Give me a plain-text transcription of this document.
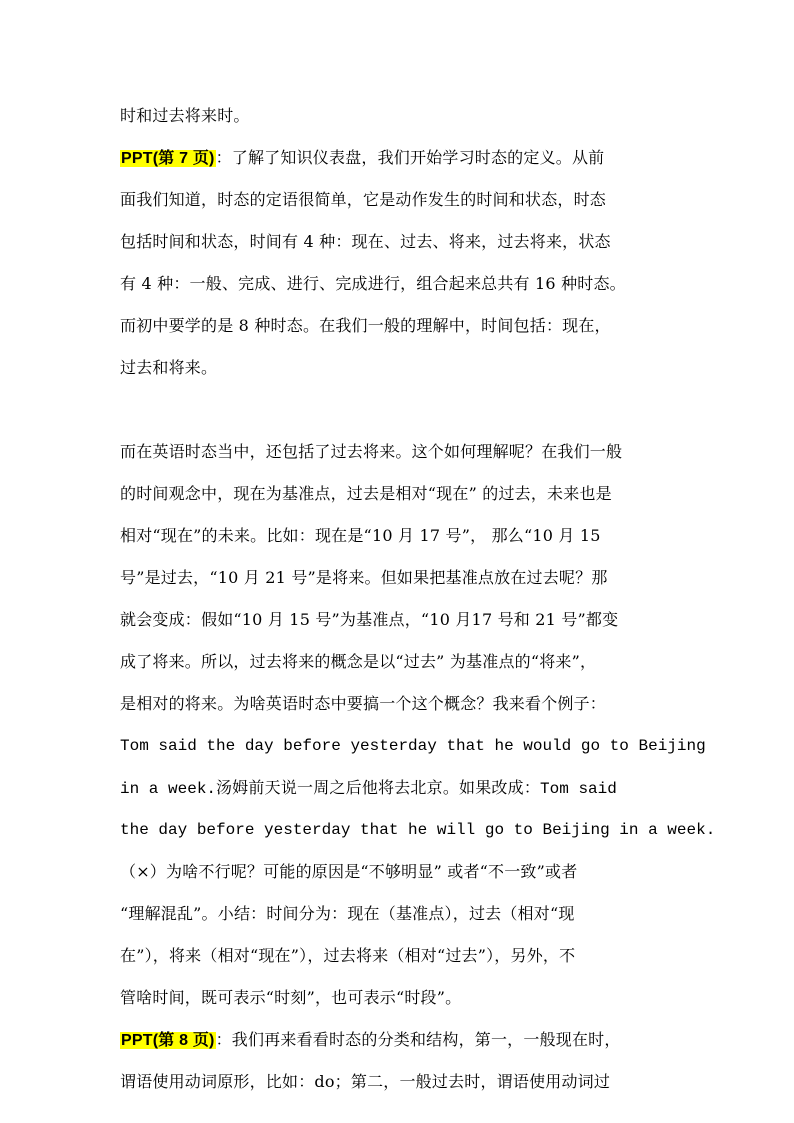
时和过去将来时。
PPT(第 7 页)：了解了知识仪表盘，我们开始学习时态的定义。从前
面我们知道，时态的定语很简单，它是动作发生的时间和状态，时态
包括时间和状态，时间有 4 种：现在、过去、将来，过去将来，状态
有 4 种：一般、完成、进行、完成进行，组合起来总共有 16 种时态。
而初中要学的是 8 种时态。在我们一般的理解中，时间包括：现在，
过去和将来。
而在英语时态当中，还包括了过去将来。这个如何理解呢？在我们一般
的时间观念中，现在为基准点，过去是相对“现在” 的过去，未来也是
相对“现在”的未来。比如：现在是“10 月 17 号”， 那么“10 月 15
号”是过去，“10 月 21 号”是将来。但如果把基准点放在过去呢？那
就会变成：假如“10 月 15 号”为基准点，“10 月17 号和 21 号”都变
成了将来。所以，过去将来的概念是以“过去” 为基准点的“将来”，
是相对的将来。为啥英语时态中要搞一个这个概念？我来看个例子：
Tom said the day before yesterday that he would go to Beijing
in a week.汤姆前天说一周之后他将去北京。如果改成：Tom said
the day before yesterday that he will go to Beijing in a week.
（×）为啥不行呢？可能的原因是“不够明显” 或者“不一致”或者
“理解混乱”。小结：时间分为：现在（基准点），过去（相对“现
在”），将来（相对“现在”），过去将来（相对“过去”），另外，不
管啥时间，既可表示“时刻”，也可表示“时段”。
PPT(第 8 页)：我们再来看看时态的分类和结构，第一，一般现在时，
谓语使用动词原形，比如：do；第二，一般过去时，谓语使用动词过
